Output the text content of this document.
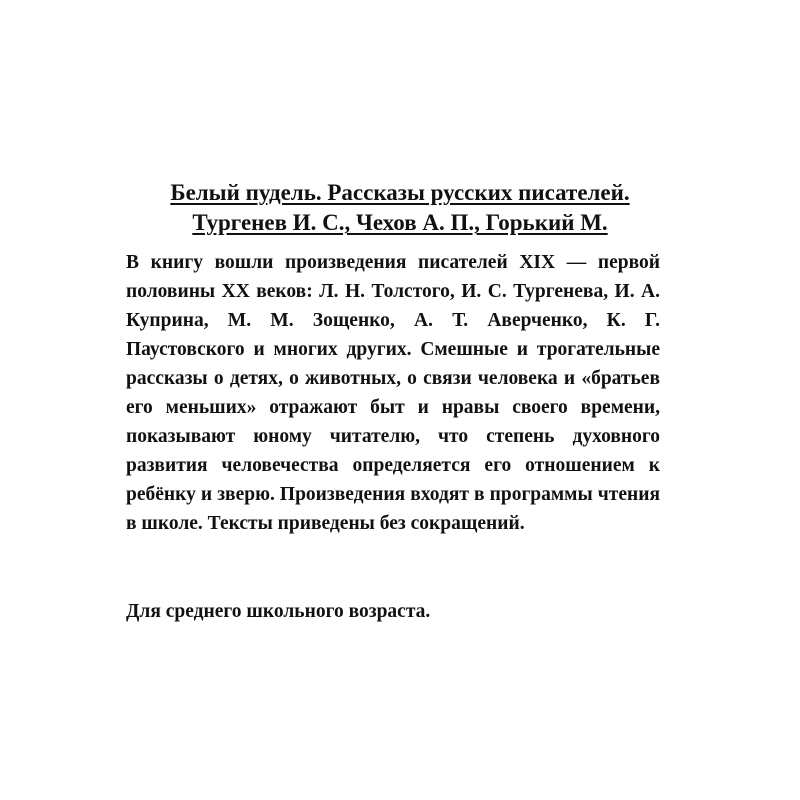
Белый пудель. Рассказы русских писателей.
Тургенев И. С., Чехов А. П., Горький М.

В книгу вошли произведения писателей XIX — первой половины XX веков: Л. Н. Толстого, И. С. Тургенева, И. А. Куприна, М. М. Зощенко, А. Т. Аверченко, К. Г. Паустовского и многих других. Смешные и трогательные рассказы о детях, о животных, о связи человека и «братьев его меньших» отражают быт и нравы своего времени, показывают юному читателю, что степень духовного развития человечества определяется его отношением к ребёнку и зверю. Произведения входят в программы чтения в школе. Тексты приведены без сокращений.

Для среднего школьного возраста.
